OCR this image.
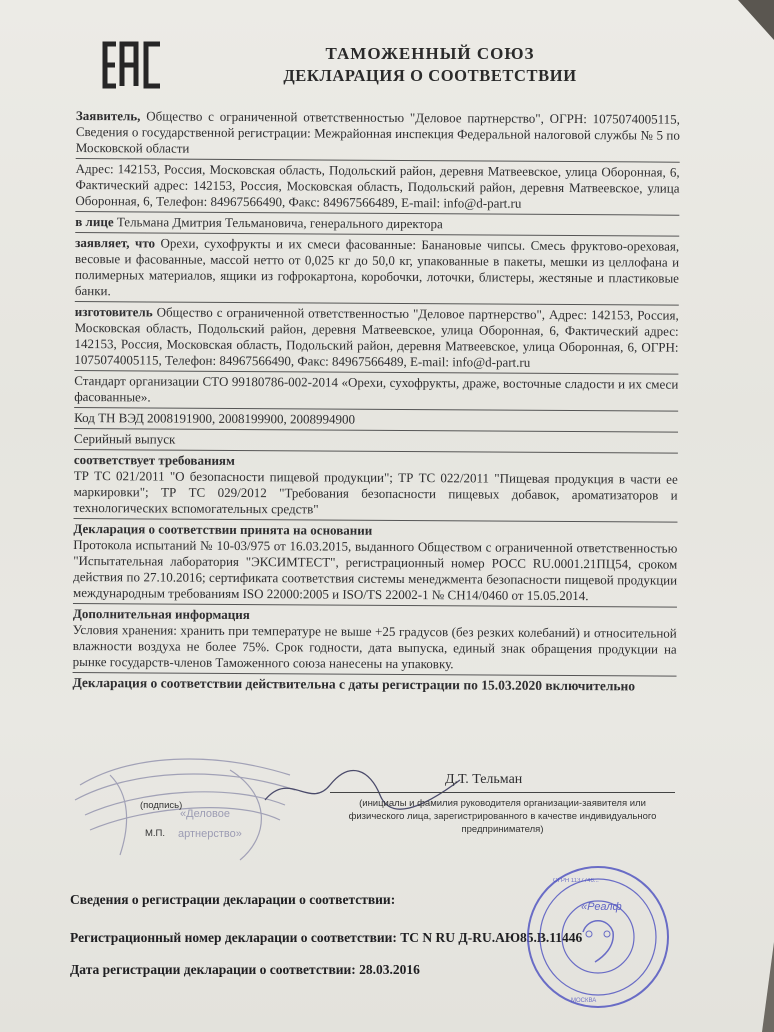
ТАМОЖЕННЫЙ СОЮЗ
ДЕКЛАРАЦИЯ О СООТВЕТСТВИИ

Заявитель, Общество с ограниченной ответственностью "Деловое партнерство", ОГРН: 1075074005115, Сведения о государственной регистрации: Межрайонная инспекция Федеральной налоговой службы № 5 по Московской области

Адрес: 142153, Россия, Московская область, Подольский район, деревня Матвеевское, улица Оборонная, 6, Фактический адрес: 142153, Россия, Московская область, Подольский район, деревня Матвеевское, улица Оборонная, 6, Телефон: 84967566490, Факс: 84967566489, E-mail: info@d-part.ru

в лице Тельмана Дмитрия Тельмановича, генерального директора

заявляет, что Орехи, сухофрукты и их смеси фасованные: Банановые чипсы. Смесь фруктово-ореховая, весовые и фасованные, массой нетто от 0,025 кг до 50,0 кг, упакованные в пакеты, мешки из целлофана и полимерных материалов, ящики из гофрокартона, коробочки, лоточки, блистеры, жестяные и пластиковые банки.

изготовитель Общество с ограниченной ответственностью "Деловое партнерство", Адрес: 142153, Россия, Московская область, Подольский район, деревня Матвеевское, улица Оборонная, 6, Фактический адрес: 142153, Россия, Московская область, Подольский район, деревня Матвеевское, улица Оборонная, 6, ОГРН: 1075074005115, Телефон: 84967566490, Факс: 84967566489, E-mail: info@d-part.ru

Стандарт организации СТО 99180786-002-2014 «Орехи, сухофрукты, драже, восточные сладости и их смеси фасованные».

Код ТН ВЭД 2008191900, 2008199900, 2008994900

Серийный выпуск

соответствует требованиям

ТР ТС 021/2011 "О безопасности пищевой продукции"; ТР ТС 022/2011 "Пищевая продукция в части ее маркировки"; ТР ТС 029/2012 "Требования безопасности пищевых добавок, ароматизаторов и технологических вспомогательных средств"

Декларация о соответствии принята на основании

Протокола испытаний № 10-03/975 от 16.03.2015, выданного Обществом с ограниченной ответственностью "Испытательная лаборатория "ЭКСИМТЕСТ", регистрационный номер РОСС RU.0001.21ПЦ54, сроком действия по 27.10.2016; сертификата соответствия системы менеджмента безопасности пищевой продукции международным требованиям ISO 22000:2005 и ISO/TS 22002-1 № СН14/0460 от 15.05.2014.

Дополнительная информация

Условия хранения: хранить при температуре не выше +25 градусов (без резких колебаний) и относительной влажности воздуха не более 75%. Срок годности, дата выпуска, единый знак обращения продукции на рынке государств-членов Таможенного союза нанесены на упаковку.

Декларация о соответствии действительна с даты регистрации по 15.03.2020 включительно

«Деловое
артнерство»
Д.Т. Тельман
(инициалы и фамилия руководителя организации-заявителя или физического лица, зарегистрированного в качестве индивидуального предпринимателя)
(подпись)
М.П.
Сведения о регистрации декларации о соответствии:
Регистрационный номер декларации о соответствии: ТС N RU Д-RU.АЮ85.В.11446
Дата регистрации декларации о соответствии: 28.03.2016
«Реалф
ОГРН 1137746...
МОСКВА
